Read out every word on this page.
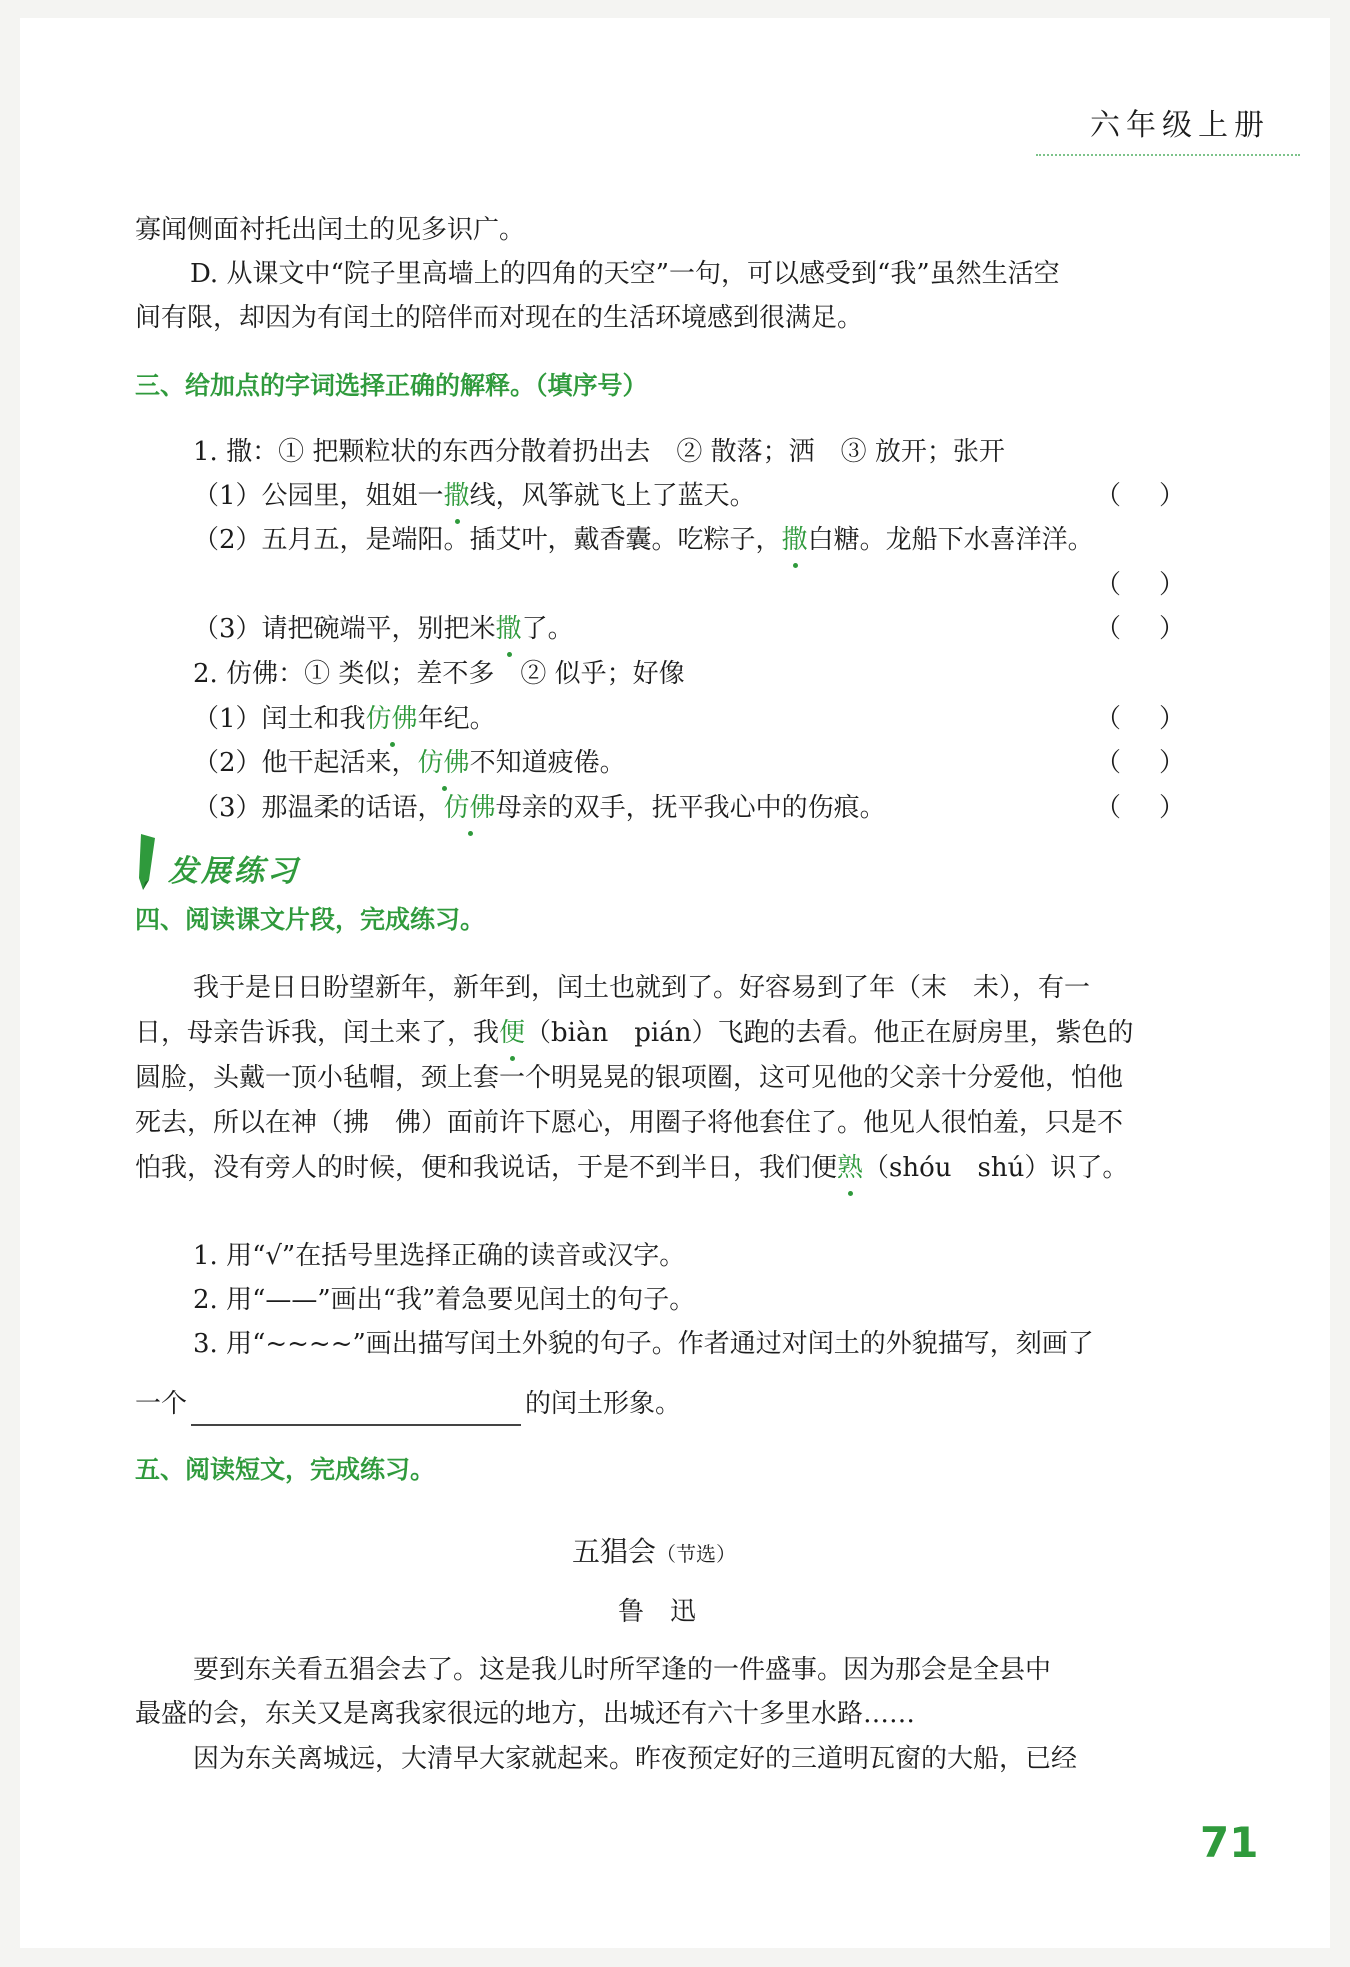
六年级上册
寡闻侧面衬托出闰土的见多识广。
D. 从课文中“院子里高墙上的四角的天空”一句，可以感受到“我”虽然生活空
间有限，却因为有闰土的陪伴而对现在的生活环境感到很满足。
三、给加点的字词选择正确的解释。（填序号）
1. 撒：① 把颗粒状的东西分散着扔出去　② 散落；洒　③ 放开；张开
（1）公园里，姐姐一撒线，风筝就飞上了蓝天。	（ ）
（2）五月五，是端阳。插艾叶，戴香囊。吃粽子，撒白糖。龙船下水喜洋洋。
（ ）
（3）请把碗端平，别把米撒了。	（ ）
2. 仿佛：① 类似；差不多　② 似乎；好像
（1）闰土和我仿佛年纪。	（ ）
（2）他干起活来，仿佛不知道疲倦。	（ ）
（3）那温柔的话语，仿佛母亲的双手，抚平我心中的伤痕。	（ ）
发展练习
四、阅读课文片段，完成练习。
我于是日日盼望新年，新年到，闰土也就到了。好容易到了年（末　未），有一
日，母亲告诉我，闰土来了，我便（biàn　pián）飞跑的去看。他正在厨房里，紫色的
圆脸，头戴一顶小毡帽，颈上套一个明晃晃的银项圈，这可见他的父亲十分爱他，怕他
死去，所以在神（拂　佛）面前许下愿心，用圈子将他套住了。他见人很怕羞，只是不
怕我，没有旁人的时候，便和我说话，于是不到半日，我们便熟（shóu　shú）识了。
1. 用“√”在括号里选择正确的读音或汉字。
2. 用“——”画出“我”着急要见闰土的句子。
3. 用“~~~~”画出描写闰土外貌的句子。作者通过对闰土的外貌描写，刻画了
一个	的闰土形象。
五、阅读短文，完成练习。
五猖会（节选）
鲁　迅
要到东关看五猖会去了。这是我儿时所罕逢的一件盛事。因为那会是全县中
最盛的会，东关又是离我家很远的地方，出城还有六十多里水路……
因为东关离城远，大清早大家就起来。昨夜预定好的三道明瓦窗的大船，已经
71
